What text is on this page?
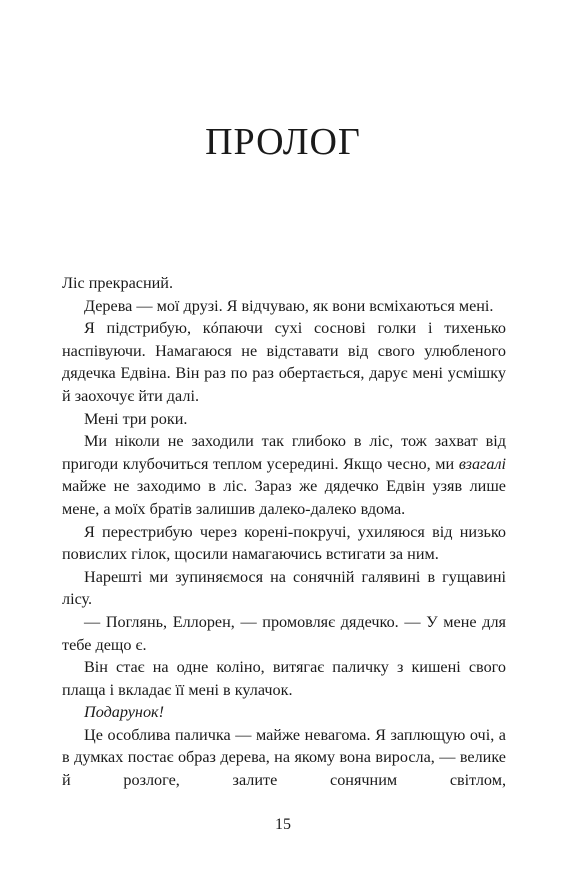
ПРОЛОГ

Ліс прекрасний.

Дерева — мої друзі. Я відчуваю, як вони всміхаються мені.

Я підстрибую, кóпаючи сухі соснові голки і тихенько наспівуючи. Намагаюся не відставати від свого улюбленого дядечка Едвіна. Він раз по раз обертається, дарує мені усмішку й заохочує йти далі.

Мені три роки.

Ми ніколи не заходили так глибоко в ліс, тож захват від пригоди клубочиться теплом усередині. Якщо чесно, ми взагалі майже не заходимо в ліс. Зараз же дядечко Едвін узяв лише мене, а моїх братів залишив далеко-далеко вдома.

Я перестрибую через корені-покручі, ухиляюся від низько повислих гілок, щосили намагаючись встигати за ним.

Нарешті ми зупиняємося на сонячній галявині в гущавині лісу.

— Поглянь, Еллорен, — промовляє дядечко. — У мене для тебе дещо є.

Він стає на одне коліно, витягає паличку з кишені свого плаща і вкладає її мені в кулачок.

Подарунок!

Це особлива паличка — майже невагома. Я заплющую очі, а в думках постає образ дерева, на якому вона виросла, — велике й розлоге, залите сонячним світлом,

15
